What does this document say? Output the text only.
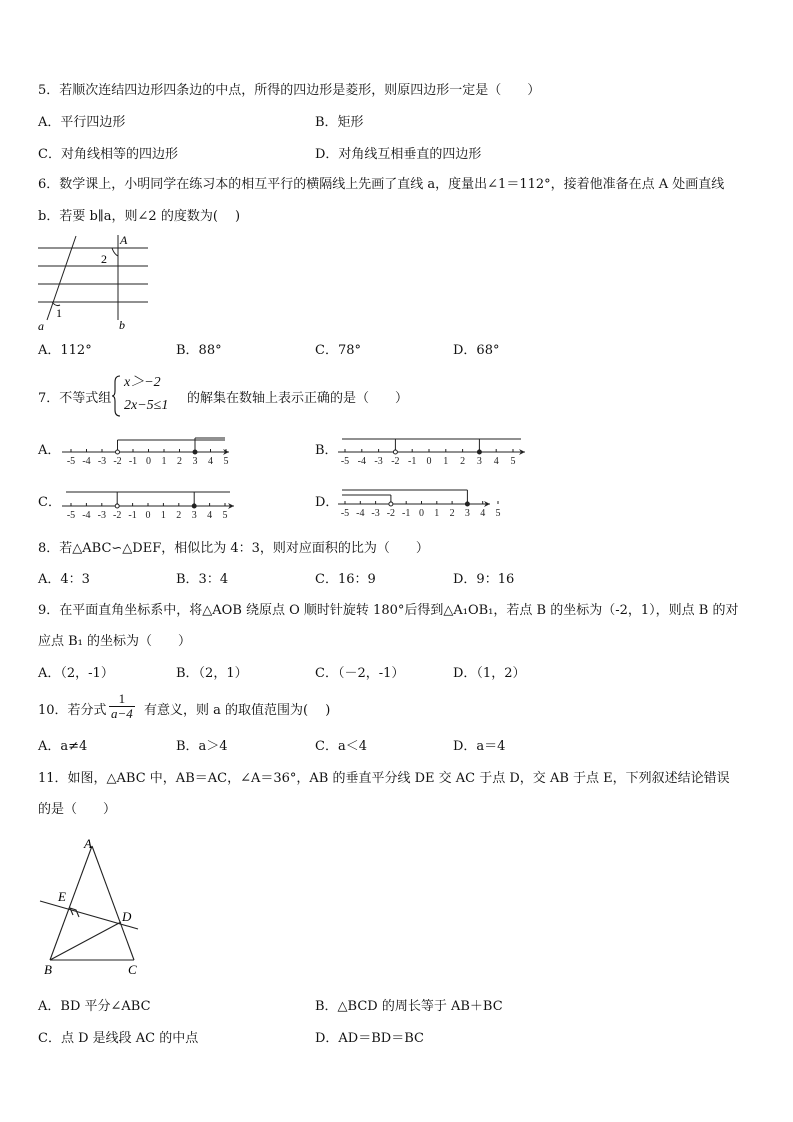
5．若顺次连结四边形四条边的中点，所得的四边形是菱形，则原四边形一定是（　　）
A．平行四边形	B．矩形
C．对角线相等的四边形	D．对角线互相垂直的四边形
6．数学课上，小明同学在练习本的相互平行的横隔线上先画了直线 a，度量出∠1＝112°，接着他准备在点 A 处画直线
b．若要 b∥a，则∠2 的度数为(　 )
A
2
1
a	b
A．112°	B．88°	C．78°	D．68°
7．不等式组
x＞−2
2x−5≤1 的解集在数轴上表示正确的是（　　）
A．
-5 -4 -3 -2 -1 0 1 2 3 4 5
B．
-5 -4 -3 -2 -1 0 1 2 3 4 5
C．
-5 -4 -3 -2 -1 0 1 2 3 4 5
D．
-5 -4 -3 -2 -1 0 1 2 3 4 5
8．若△ABC∽△DEF，相似比为 4：3，则对应面积的比为（　　）
A．4：3	B．3：4	C．16：9	D．9：16
9．在平面直角坐标系中，将△AOB 绕原点 O 顺时针旋转 180°后得到△A₁OB₁，若点 B 的坐标为（-2，1），则点 B 的对
应点 B₁ 的坐标为（　　）
A．（2，-1）	B．（2，1）	C．（－2，-1）	D．（1，2）
10．若分式 $\frac{1}{a-4}$ 有意义，则 a 的取值范围为(　 )
A．a≠4	B．a＞4	C．a＜4	D．a＝4
11．如图，△ABC 中，AB＝AC，∠A＝36°，AB 的垂直平分线 DE 交 AC 于点 D，交 AB 于点 E，下列叙述结论错误
的是（　　）
A
E
D
B	C
A．BD 平分∠ABC	B．△BCD 的周长等于 AB＋BC
C．点 D 是线段 AC 的中点	D．AD＝BD＝BC
